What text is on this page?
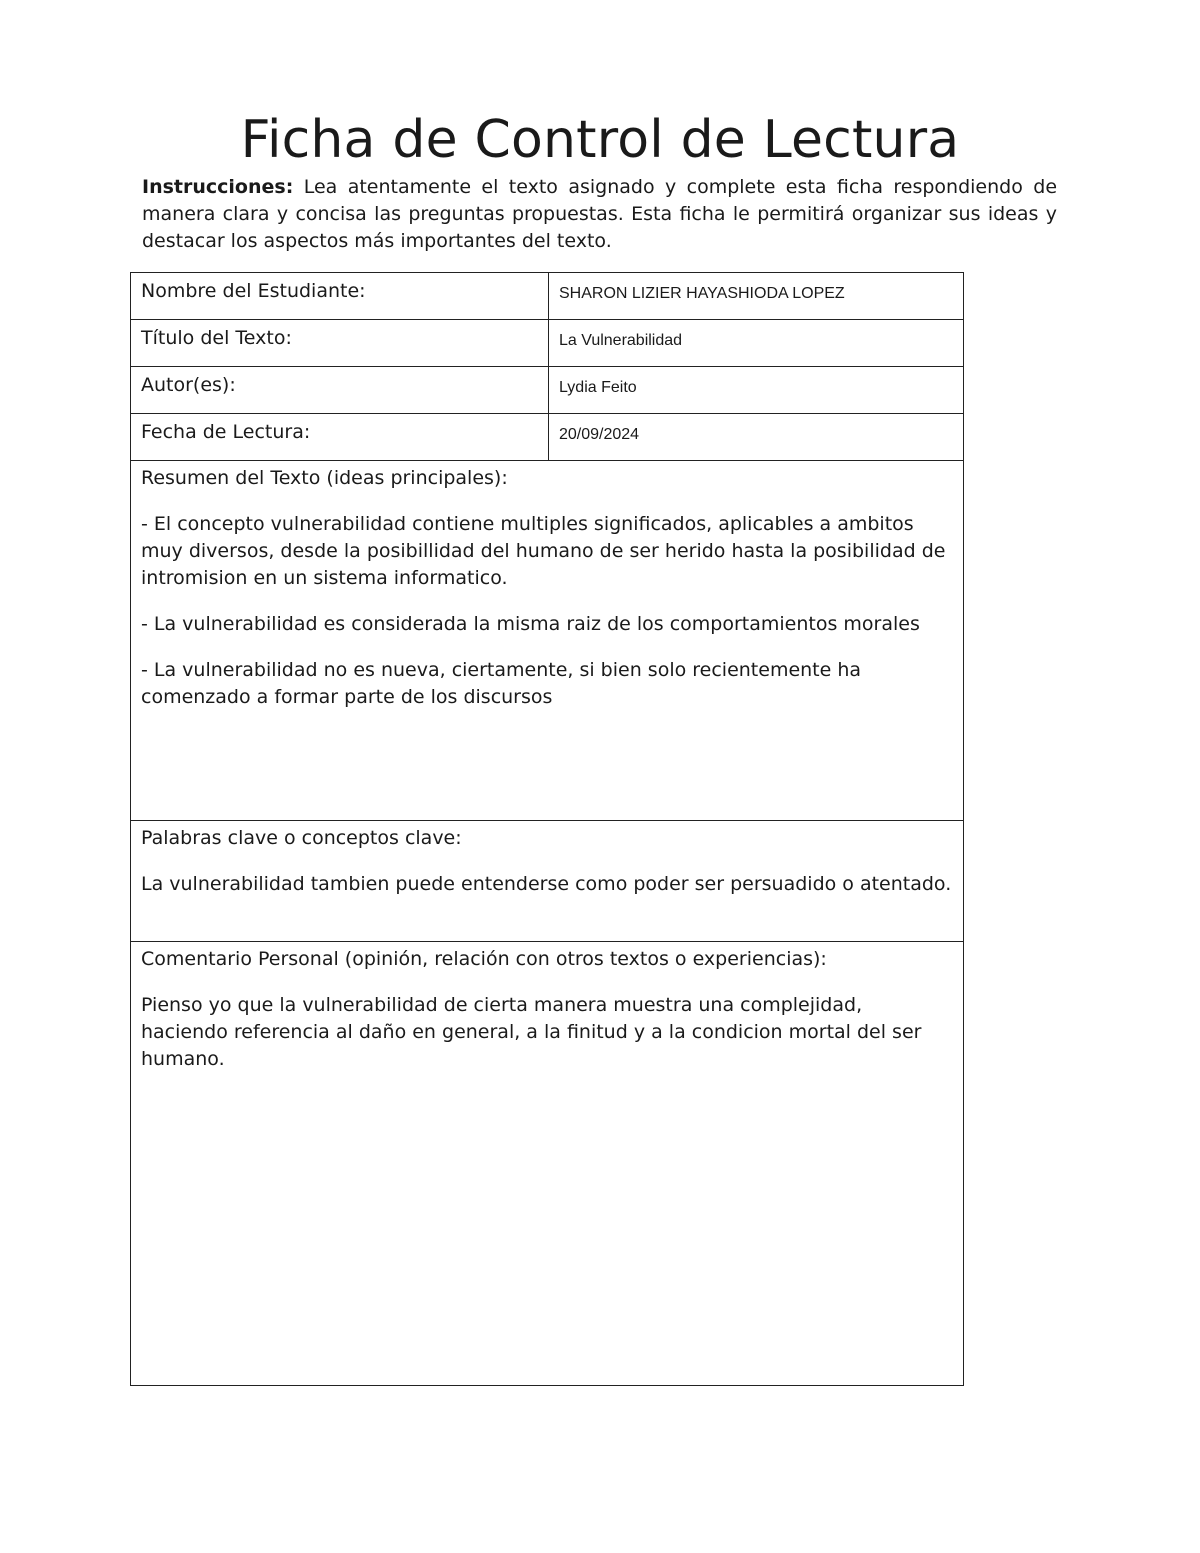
Ficha de Control de Lectura

Instrucciones: Lea atentamente el texto asignado y complete esta ficha respondiendo de manera clara y concisa las preguntas propuestas. Esta ficha le permitirá organizar sus ideas y destacar los aspectos más importantes del texto.

Nombre del Estudiante:	SHARON LIZIER HAYASHIODA LOPEZ
Título del Texto:	La Vulnerabilidad
Autor(es):	Lydia Feito
Fecha de Lectura:	20/09/2024

Resumen del Texto (ideas principales):

- El concepto vulnerabilidad contiene multiples significados, aplicables a ambitos muy diversos, desde la posibillidad del humano de ser herido hasta la posibilidad de intromision en un sistema informatico.

- La vulnerabilidad es considerada la misma raiz de los comportamientos morales

- La vulnerabilidad no es nueva, ciertamente, si bien solo recientemente ha comenzado a formar parte de los discursos	

Palabras clave o conceptos clave:

La vulnerabilidad tambien puede entenderse como poder ser persuadido o atentado.	

Comentario Personal (opinión, relación con otros textos o experiencias):

Pienso yo que la vulnerabilidad de cierta manera muestra una complejidad, haciendo referencia al daño en general, a la finitud y a la condicion mortal del ser humano.	
